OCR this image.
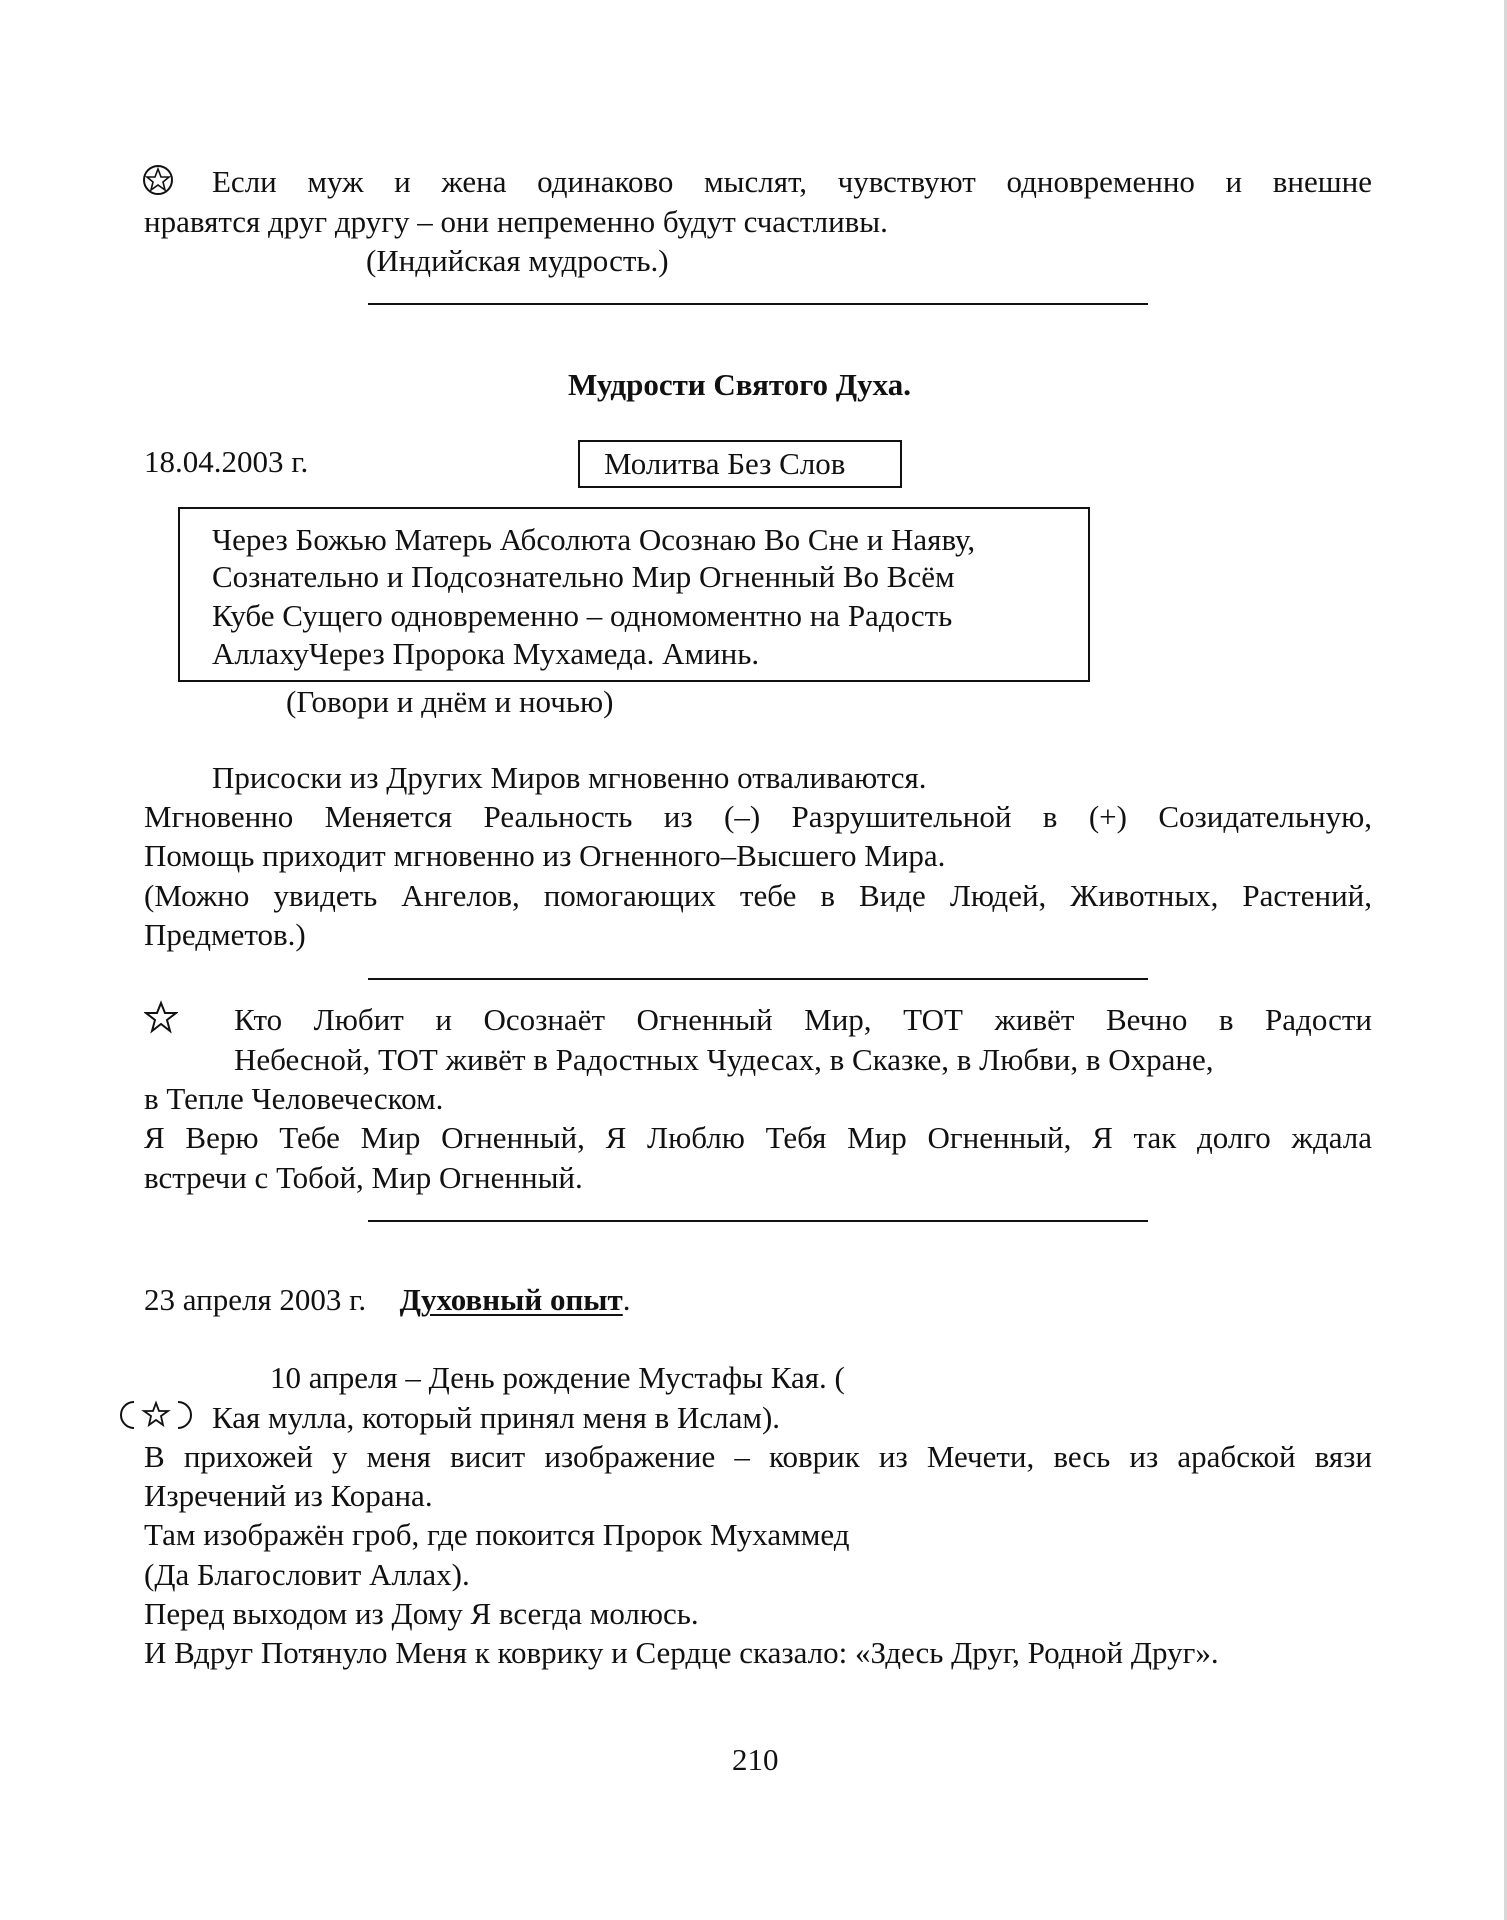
Если муж и жена одинаково мыслят, чувствуют одновременно и внешне
нравятся друг другу – они непременно будут счастливы.
(Индийская мудрость.)
Мудрости Святого Духа.
18.04.2003 г.	Молитва Без Слов
Через Божью Матерь Абсолюта Осознаю Во Сне и Наяву,
Сознательно и Подсознательно Мир Огненный Во Всём
Кубе Сущего одновременно – одномоментно на Радость
АллахуЧерез Пророка Мухамеда. Аминь.
(Говори и днём и ночью)
Присоски из Других Миров мгновенно отваливаются.
Мгновенно Меняется Реальность из (–) Разрушительной в (+) Созидательную,
Помощь приходит мгновенно из Огненного–Высшего Мира.
(Можно увидеть Ангелов, помогающих тебе в Виде Людей, Животных, Растений,
Предметов.)
Кто Любит и Осознаёт Огненный Мир, ТОТ живёт Вечно в Радости
Небесной, ТОТ живёт в Радостных Чудесах, в Сказке, в Любви, в Охране,
в Тепле Человеческом.
Я Верю Тебе Мир Огненный, Я Люблю Тебя Мир Огненный, Я так долго ждала
встречи с Тобой, Мир Огненный.
23 апреля 2003 г. Духовный опыт.
10 апреля – День рождение Мустафы Кая. (
Кая мулла, который принял меня в Ислам).
В прихожей у меня висит изображение – коврик из Мечети, весь из арабской вязи
Изречений из Корана.
Там изображён гроб, где покоится Пророк Мухаммед
(Да Благословит Аллах).
Перед выходом из Дому Я всегда молюсь.
И Вдруг Потянуло Меня к коврику и Сердце сказало: «Здесь Друг, Родной Друг».
210
